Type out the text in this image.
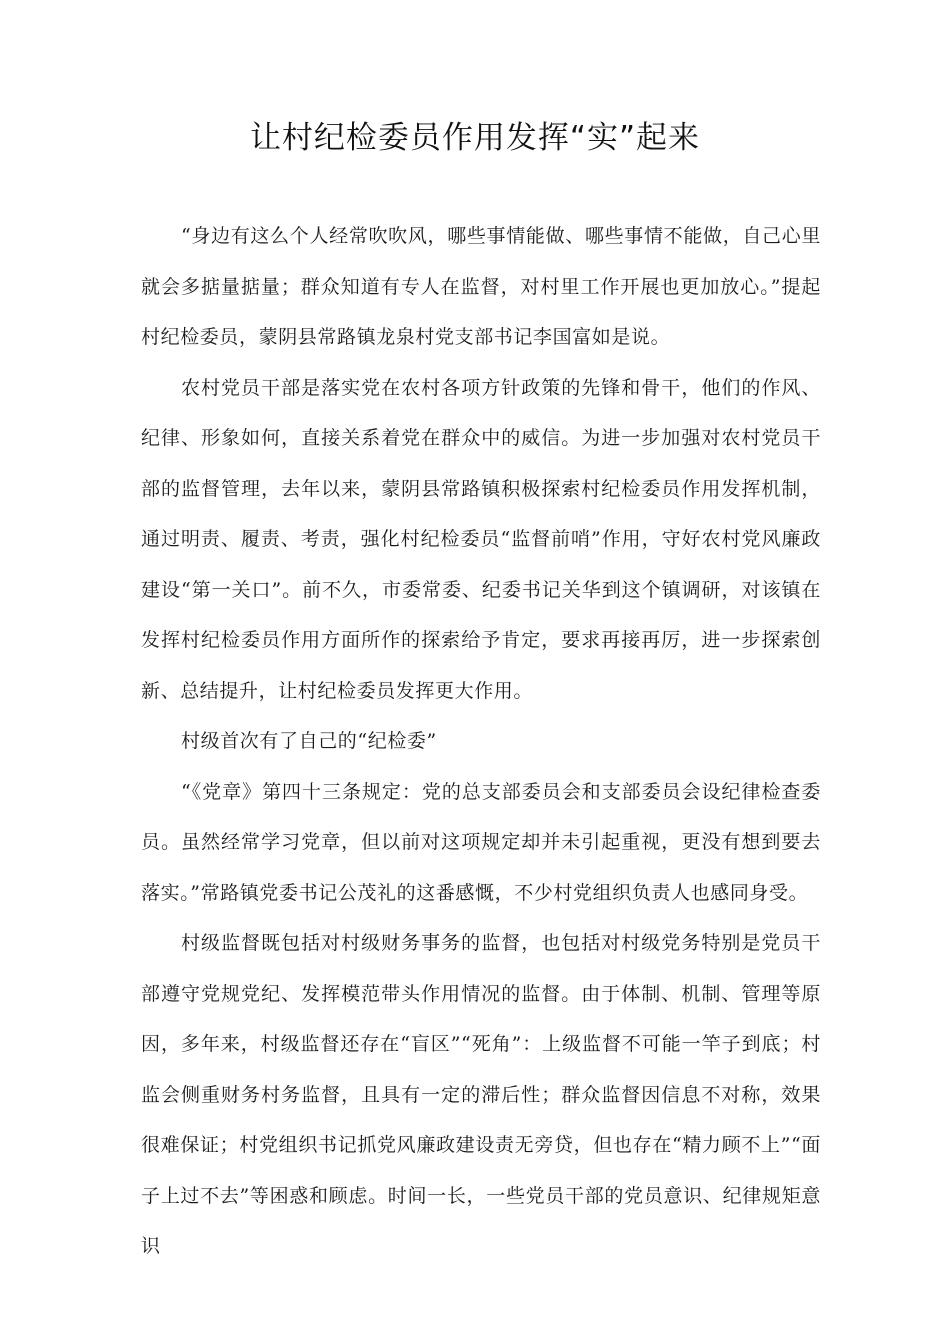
让村纪检委员作用发挥“实”起来

“身边有这么个人经常吹吹风，哪些事情能做、哪些事情不能做，自己心里就会多掂量掂量；群众知道有专人在监督，对村里工作开展也更加放心。”提起村纪检委员，蒙阴县常路镇龙泉村党支部书记李国富如是说。

农村党员干部是落实党在农村各项方针政策的先锋和骨干，他们的作风、纪律、形象如何，直接关系着党在群众中的威信。为进一步加强对农村党员干部的监督管理，去年以来，蒙阴县常路镇积极探索村纪检委员作用发挥机制，通过明责、履责、考责，强化村纪检委员“监督前哨”作用，守好农村党风廉政建设“第一关口”。前不久，市委常委、纪委书记关华到这个镇调研，对该镇在发挥村纪检委员作用方面所作的探索给予肯定，要求再接再厉，进一步探索创新、总结提升，让村纪检委员发挥更大作用。

村级首次有了自己的“纪检委”

“《党章》第四十三条规定：党的总支部委员会和支部委员会设纪律检查委员。虽然经常学习党章，但以前对这项规定却并未引起重视，更没有想到要去落实。”常路镇党委书记公茂礼的这番感慨，不少村党组织负责人也感同身受。

村级监督既包括对村级财务事务的监督，也包括对村级党务特别是党员干部遵守党规党纪、发挥模范带头作用情况的监督。由于体制、机制、管理等原因，多年来，村级监督还存在“盲区”“死角”：上级监督不可能一竿子到底；村监会侧重财务村务监督，且具有一定的滞后性；群众监督因信息不对称，效果很难保证；村党组织书记抓党风廉政建设责无旁贷，但也存在“精力顾不上”“面子上过不去”等困惑和顾虑。时间一长，一些党员干部的党员意识、纪律规矩意识
